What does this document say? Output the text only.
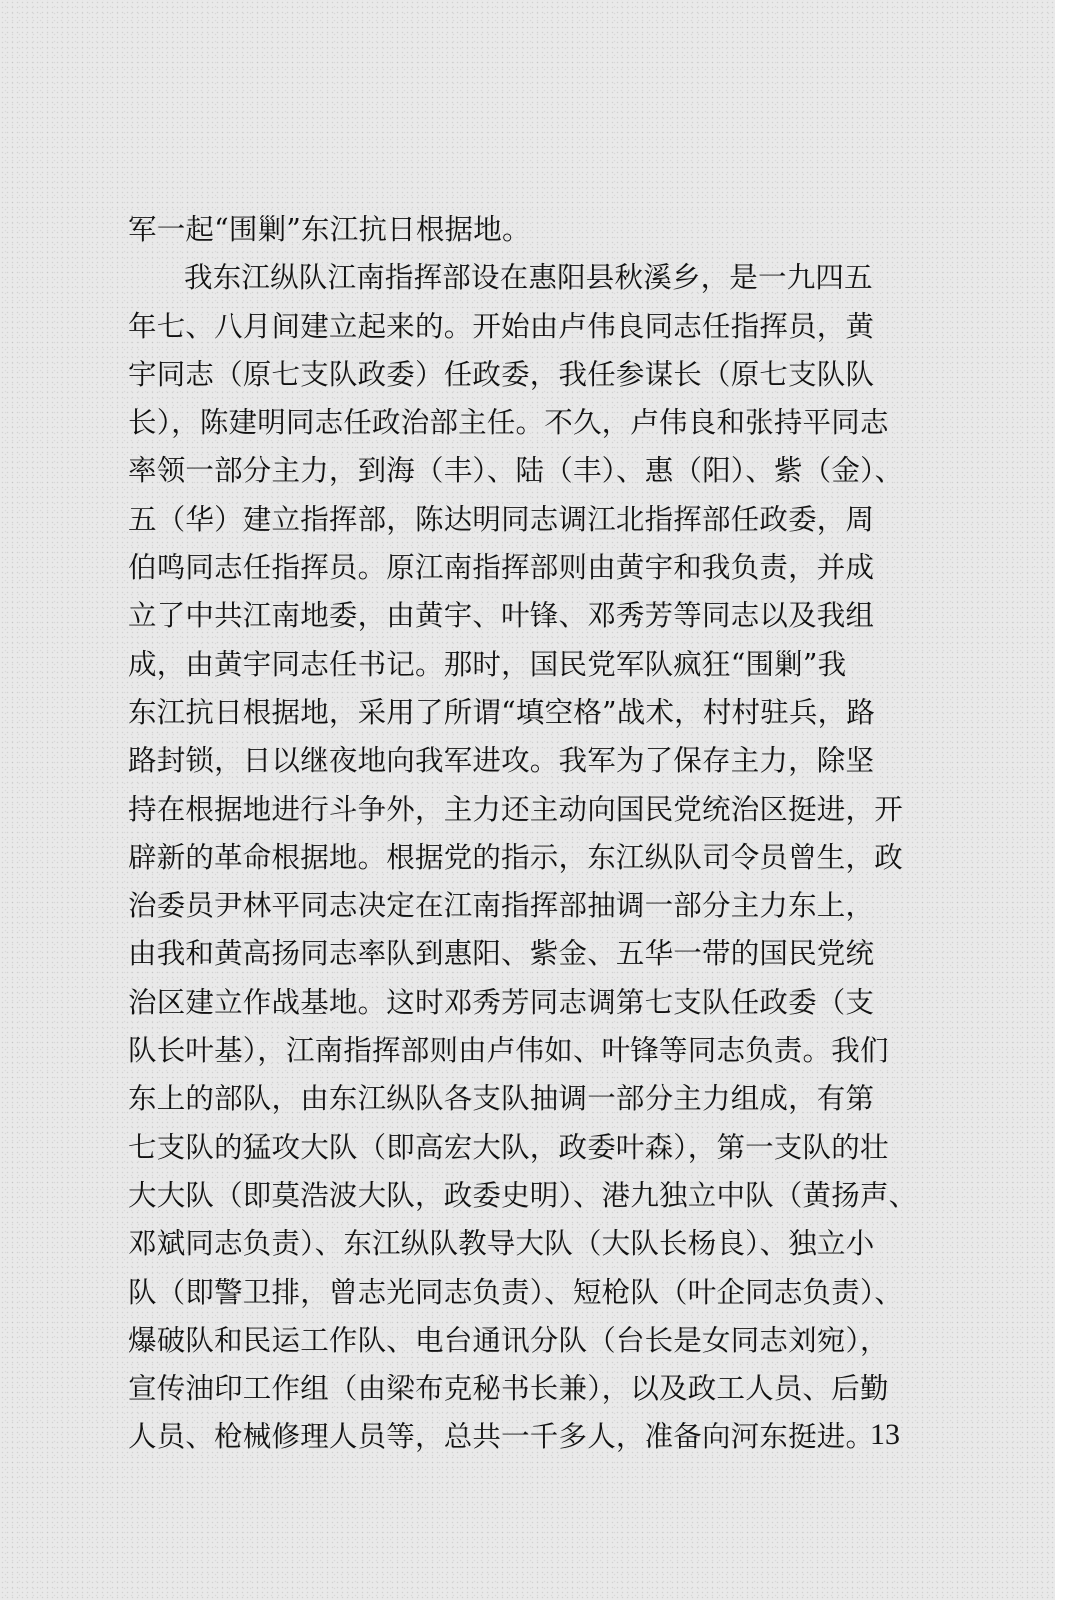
军一起“围剿”东江抗日根据地。
我东江纵队江南指挥部设在惠阳县秋溪乡，是一九四五
年七、八月间建立起来的。开始由卢伟良同志任指挥员，黄
宇同志（原七支队政委）任政委，我任参谋长（原七支队队
长），陈建明同志任政治部主任。不久，卢伟良和张持平同志
率领一部分主力，到海（丰）、陆（丰）、惠（阳）、紫（金）、
五（华）建立指挥部，陈达明同志调江北指挥部任政委，周
伯鸣同志任指挥员。原江南指挥部则由黄宇和我负责，并成
立了中共江南地委，由黄宇、叶锋、邓秀芳等同志以及我组
成，由黄宇同志任书记。那时，国民党军队疯狂“围剿”我
东江抗日根据地，采用了所谓“填空格”战术，村村驻兵，路
路封锁，日以继夜地向我军进攻。我军为了保存主力，除坚
持在根据地进行斗争外，主力还主动向国民党统治区挺进，开
辟新的革命根据地。根据党的指示，东江纵队司令员曾生，政
治委员尹林平同志决定在江南指挥部抽调一部分主力东上，
由我和黄高扬同志率队到惠阳、紫金、五华一带的国民党统
治区建立作战基地。这时邓秀芳同志调第七支队任政委（支
队长叶基），江南指挥部则由卢伟如、叶锋等同志负责。我们
东上的部队，由东江纵队各支队抽调一部分主力组成，有第
七支队的猛攻大队（即高宏大队，政委叶森），第一支队的壮
大大队（即莫浩波大队，政委史明）、港九独立中队（黄扬声、
邓斌同志负责）、东江纵队教导大队（大队长杨良）、独立小
队（即警卫排，曾志光同志负责）、短枪队（叶企同志负责）、
爆破队和民运工作队、电台通讯分队（台长是女同志刘宛），
宣传油印工作组（由梁布克秘书长兼），以及政工人员、后勤
人员、枪械修理人员等，总共一千多人，准备向河东挺进。
13
